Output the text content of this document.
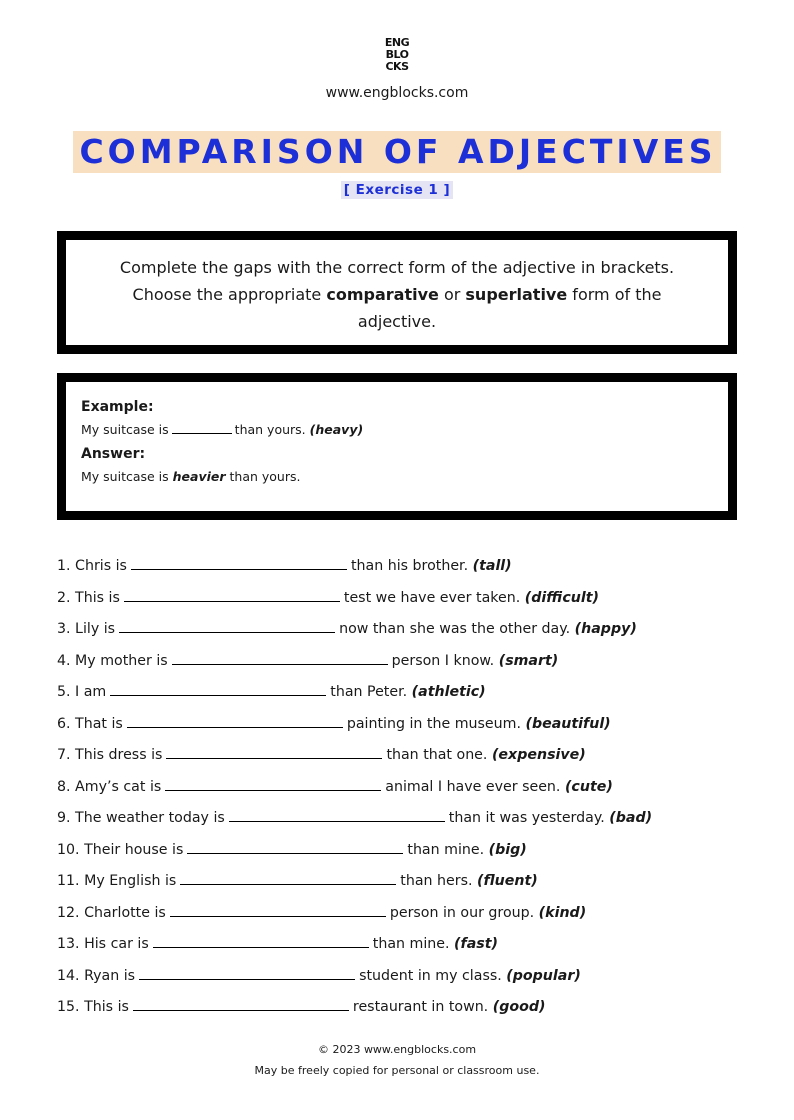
ENG
BLO
CKS
www.engblocks.com
COMPARISON OF ADJECTIVES
[ Exercise 1 ]
Complete the gaps with the correct form of the adjective in brackets.
Choose the appropriate comparative or superlative form of the
adjective.
Example:
My suitcase is	than yours. (heavy)
Answer:
My suitcase is heavier than yours.
1. Chris is	than his brother. (tall)
2. This is	test we have ever taken. (difficult)
3. Lily is	now than she was the other day. (happy)
4. My mother is	person I know. (smart)
5. I am	than Peter. (athletic)
6. That is	painting in the museum. (beautiful)
7. This dress is	than that one. (expensive)
8. Amy’s cat is	animal I have ever seen. (cute)
9. The weather today is	than it was yesterday. (bad)
10. Their house is	than mine. (big)
11. My English is	than hers. (fluent)
12. Charlotte is	person in our group. (kind)
13. His car is	than mine. (fast)
14. Ryan is	student in my class. (popular)
15. This is	restaurant in town. (good)
© 2023 www.engblocks.com
May be freely copied for personal or classroom use.
